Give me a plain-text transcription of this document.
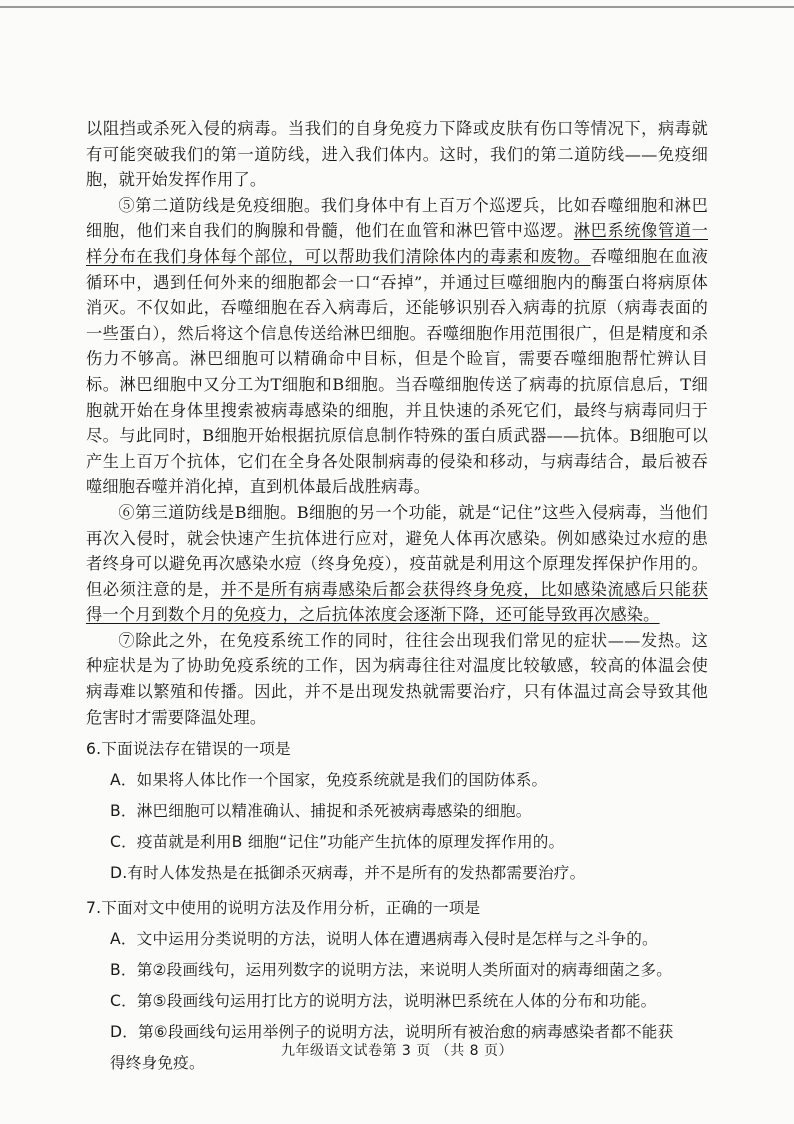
以阻挡或杀死入侵的病毒。当我们的自身免疫力下降或皮肤有伤口等情况下，病毒就有可能突破我们的第一道防线，进入我们体内。这时，我们的第二道防线——免疫细胞，就开始发挥作用了。

⑤第二道防线是免疫细胞。我们身体中有上百万个巡逻兵，比如吞噬细胞和淋巴细胞，他们来自我们的胸腺和骨髓，他们在血管和淋巴管中巡逻。淋巴系统像管道一样分布在我们身体每个部位，可以帮助我们清除体内的毒素和废物。吞噬细胞在血液循环中，遇到任何外来的细胞都会一口“吞掉”，并通过巨噬细胞内的酶蛋白将病原体消灭。不仅如此，吞噬细胞在吞入病毒后，还能够识别吞入病毒的抗原（病毒表面的一些蛋白），然后将这个信息传送给淋巴细胞。吞噬细胞作用范围很广，但是精度和杀伤力不够高。淋巴细胞可以精确命中目标，但是个睑盲，需要吞噬细胞帮忙辨认目标。淋巴细胞中又分工为T细胞和B细胞。当吞噬细胞传送了病毒的抗原信息后，T细胞就开始在身体里搜索被病毒感染的细胞，并且快速的杀死它们，最终与病毒同归于尽。与此同时，B细胞开始根据抗原信息制作特殊的蛋白质武器——抗体。B细胞可以产生上百万个抗体，它们在全身各处限制病毒的侵染和移动，与病毒结合，最后被吞噬细胞吞噬并消化掉，直到机体最后战胜病毒。

⑥第三道防线是B细胞。B细胞的另一个功能，就是“记住”这些入侵病毒，当他们再次入侵时，就会快速产生抗体进行应对，避免人体再次感染。例如感染过水痘的患者终身可以避免再次感染水痘（终身免疫），疫苗就是利用这个原理发挥保护作用的。但必须注意的是，并不是所有病毒感染后都会获得终身免疫，比如感染流感后只能获得一个月到数个月的免疫力，之后抗体浓度会逐渐下降，还可能导致再次感染。

⑦除此之外，在免疫系统工作的同时，往往会出现我们常见的症状——发热。这种症状是为了协助免疫系统的工作，因为病毒往往对温度比较敏感，较高的体温会使病毒难以繁殖和传播。因此，并不是出现发热就需要治疗，只有体温过高会导致其他危害时才需要降温处理。

6.下面说法存在错误的一项是

A．如果将人体比作一个国家，免疫系统就是我们的国防体系。

B．淋巴细胞可以精准确认、捕捉和杀死被病毒感染的细胞。

C．疫苗就是利用B 细胞“记住”功能产生抗体的原理发挥作用的。

D.有时人体发热是在抵御杀灭病毒，并不是所有的发热都需要治疗。

7.下面对文中使用的说明方法及作用分析，正确的一项是

A．文中运用分类说明的方法，说明人体在遭遇病毒入侵时是怎样与之斗争的。

B．第②段画线句，运用列数字的说明方法，来说明人类所面对的病毒细菌之多。

C．第⑤段画线句运用打比方的说明方法，说明淋巴系统在人体的分布和功能。

D．第⑥段画线句运用举例子的说明方法，说明所有被治愈的病毒感染者都不能获

得终身免疫。

九年级语文试卷第 3 页 （共 8 页）
